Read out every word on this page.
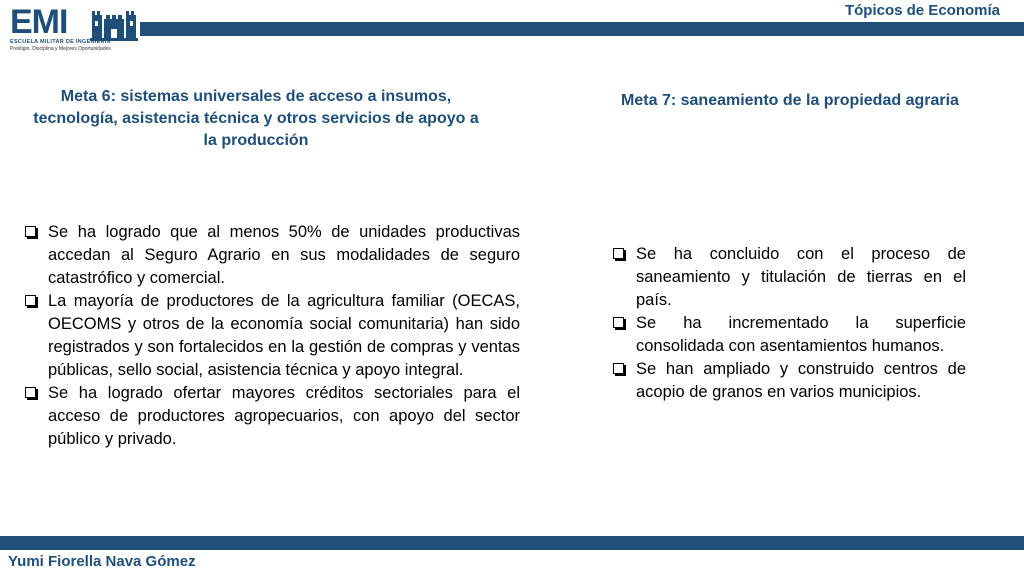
Tópicos de Economía
EMI
ESCUELA MILITAR DE INGENIERÍA
Prestigio, Disciplina y Mejores Oportunidades
Meta 6: sistemas universales de acceso a insumos, tecnología, asistencia técnica y otros servicios de apoyo a la producción
Se ha logrado que al menos 50% de unidades productivas accedan al Seguro Agrario en sus modalidades de seguro catastrófico y comercial.
La mayoría de productores de la agricultura familiar (OECAS, OECOMS y otros de la economía social comunitaria) han sido registrados y son fortalecidos en la gestión de compras y ventas públicas, sello social, asistencia técnica y apoyo integral.
Se ha logrado ofertar mayores créditos sectoriales para el acceso de productores agropecuarios, con apoyo del sector público y privado.
Meta 7: saneamiento de la propiedad agraria
Se ha concluido con el proceso de saneamiento y titulación de tierras en el país.
Se ha incrementado la superficie consolidada con asentamientos humanos.
Se han ampliado y construido centros de acopio de granos en varios municipios.
Yumi Fiorella Nava Gómez
